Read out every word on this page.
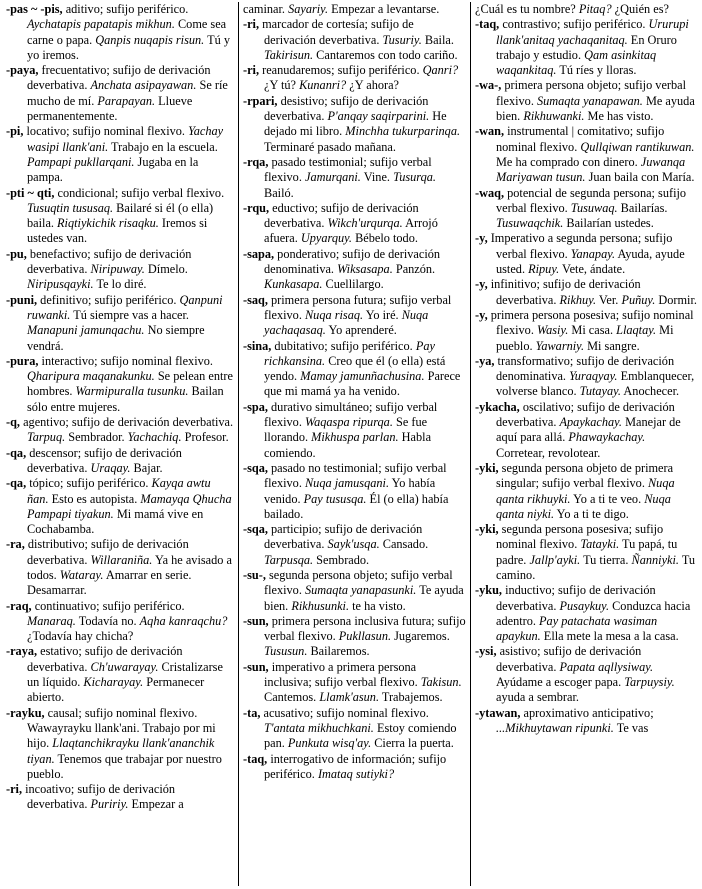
-pas ~ -pis, aditivo; sufijo periférico. Aychatapis papatapis mikhun. Come sea carne o papa. Qanpis nuqapis risun. Tú y yo iremos.

-paya, frecuentativo; sufijo de derivación deverbativa. Anchata asipayawan. Se ríe mucho de mí. Parapayan. Llueve permanentemente.

-pi, locativo; sufijo nominal flexivo. Yachay wasipi llank'ani. Trabajo en la escuela. Pampapi pukllarqani. Jugaba en la pampa.

-pti ~ qti, condicional; sufijo verbal flexivo. Tusuqtin tususaq. Bailaré si él (o ella) baila. Riqtiykichik risaqku. Iremos si ustedes van.

-pu, benefactivo; sufijo de derivación deverbativa. Niripuway. Dímelo. Niripusqayki. Te lo diré.

-puni, definitivo; sufijo periférico. Qanpuni ruwanki. Tú siempre vas a hacer. Manapuni jamunqachu. No siempre vendrá.

-pura, interactivo; sufijo nominal flexivo. Qharipura maqanakunku. Se pelean entre hombres. Warmipuralla tusunku. Bailan sólo entre mujeres.

-q, agentivo; sufijo de derivación deverbativa. Tarpuq. Sembrador. Yachachiq. Profesor.

-qa, descensor; sufijo de derivación deverbativa. Uraqay. Bajar.

-qa, tópico; sufijo periférico. Kayqa awtu ñan. Esto es autopista. Mamayqa Qhucha Pampapi tiyakun. Mi mamá vive en Cochabamba.

-ra, distributivo; sufijo de derivación deverbativa. Willaraniña. Ya he avisado a todos. Wataray. Amarrar en serie. Desamarrar.

-raq, continuativo; sufijo periférico. Manaraq. Todavía no. Aqha kanraqchu? ¿Todavía hay chicha?

-raya, estativo; sufijo de derivación deverbativa. Ch'uwarayay. Cristalizarse un líquido. Kicharayay. Permanecer abierto.

-rayku, causal; sufijo nominal flexivo. Wawayrayku llank'ani. Trabajo por mi hijo. Llaqtanchikrayku llank'ananchik tiyan. Tenemos que trabajar por nuestro pueblo.

-ri, incoativo; sufijo de derivación deverbativa. Puririy. Empezar a

caminar. Sayariy. Empezar a levantarse.

-ri, marcador de cortesía; sufijo de derivación deverbativa. Tusuriy. Baila. Takirisun. Cantaremos con todo cariño.

-ri, reanudaremos; sufijo periférico. Qanri? ¿Y tú? Kunanri? ¿Y ahora?

-rpari, desistivo; sufijo de derivación deverbativa. P'anqay saqirparini. He dejado mi libro. Minchha tukurparinqa. Terminaré pasado mañana.

-rqa, pasado testimonial; sufijo verbal flexivo. Jamurqani. Vine. Tusurqa. Bailó.

-rqu, eductivo; sufijo de derivación deverbativa. Wikch'urqurqa. Arrojó afuera. Upyarquy. Bébelo todo.

-sapa, ponderativo; sufijo de derivación denominativa. Wiksasapa. Panzón. Kunkasapa. Cuellilargo.

-saq, primera persona futura; sufijo verbal flexivo. Nuqa risaq. Yo iré. Nuqa yachaqasaq. Yo aprenderé.

-sina, dubitativo; sufijo periférico. Pay richkansina. Creo que él (o ella) está yendo. Mamay jamunñachusina. Parece que mi mamá ya ha venido.

-spa, durativo simultáneo; sufijo verbal flexivo. Waqaspa ripurqa. Se fue llorando. Mikhuspa parlan. Habla comiendo.

-sqa, pasado no testimonial; sufijo verbal flexivo. Nuqa jamusqani. Yo había venido. Pay tususqa. Él (o ella) había bailado.

-sqa, participio; sufijo de derivación deverbativa. Sayk'usqa. Cansado. Tarpusqa. Sembrado.

-su-, segunda persona objeto; sufijo verbal flexivo. Sumaqta yanapasunki. Te ayuda bien. Rikhusunki. te ha visto.

-sun, primera persona inclusiva futura; sufijo verbal flexivo. Pukllasun. Jugaremos. Tususun. Bailaremos.

-sun, imperativo a primera persona inclusiva; sufijo verbal flexivo. Takisun. Cantemos. Llamk'asun. Trabajemos.

-ta, acusativo; sufijo nominal flexivo. T'antata mikhuchkani. Estoy comiendo pan. Punkuta wisq'ay. Cierra la puerta.

-taq, interrogativo de información; sufijo periférico. Imataq sutiyki?

¿Cuál es tu nombre? Pitaq? ¿Quién es?

-taq, contrastivo; sufijo periférico. Ururupi llank'anitaq yachaqanitaq. En Oruro trabajo y estudio. Qam asinkitaq waqankitaq. Tú ríes y lloras.

-wa-, primera persona objeto; sufijo verbal flexivo. Sumaqta yanapawan. Me ayuda bien. Rikhuwanki. Me has visto.

-wan, instrumental | comitativo; sufijo nominal flexivo. Qullqiwan rantikuwan. Me ha comprado con dinero. Juwanqa Mariyawan tusun. Juan baila con María.

-waq, potencial de segunda persona; sufijo verbal flexivo. Tusuwaq. Bailarías. Tusuwaqchik. Bailarían ustedes.

-y, Imperativo a segunda persona; sufijo verbal flexivo. Yanapay. Ayuda, ayude usted. Ripuy. Vete, ándate.

-y, infinitivo; sufijo de derivación deverbativa. Rikhuy. Ver. Puñuy. Dormir.

-y, primera persona posesiva; sufijo nominal flexivo. Wasiy. Mi casa. Llaqtay. Mi pueblo. Yawarniy. Mi sangre.

-ya, transformativo; sufijo de derivación denominativa. Yuraqyay. Emblanquecer, volverse blanco. Tutayay. Anochecer.

-ykacha, oscilativo; sufijo de derivación deverbativa. Apaykachay. Manejar de aquí para allá. Phawaykachay. Corretear, revolotear.

-yki, segunda persona objeto de primera singular; sufijo verbal flexivo. Nuqa qanta rikhuyki. Yo a ti te veo. Nuqa qanta niyki. Yo a ti te digo.

-yki, segunda persona posesiva; sufijo nominal flexivo. Tatayki. Tu papá, tu padre. Jallp'ayki. Tu tierra. Ñanniyki. Tu camino.

-yku, inductivo; sufijo de derivación deverbativa. Pusaykuy. Conduzca hacia adentro. Pay patachata wasiman apaykun. Ella mete la mesa a la casa.

-ysi, asistivo; sufijo de derivación deverbativa. Papata aqllysiway. Ayúdame a escoger papa. Tarpuysiy. ayuda a sembrar.

-ytawan, aproximativo anticipativo; ...Mikhuytawan ripunki. Te vas
